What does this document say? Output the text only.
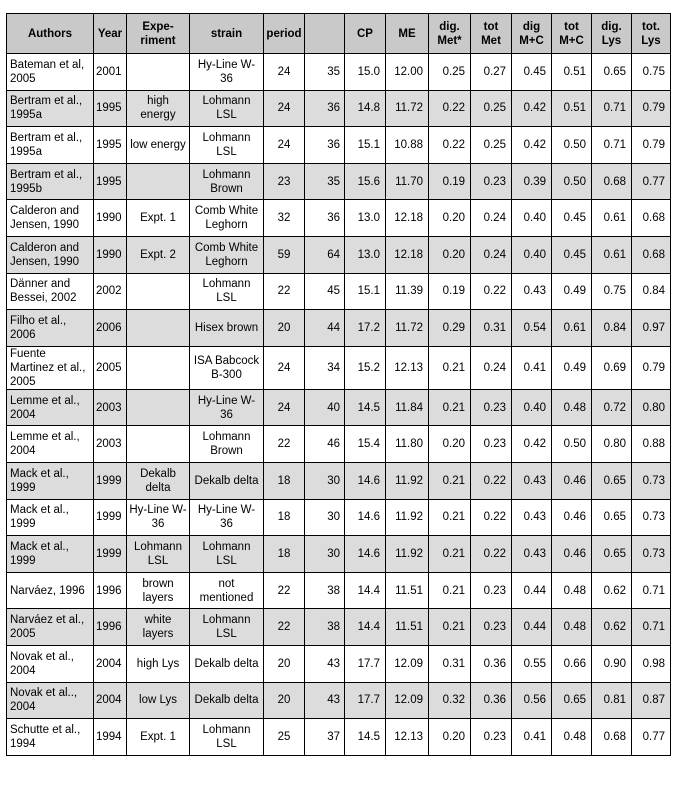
Authors	Year	Expe- riment	strain	period		CP	ME	dig. Met*	tot Met	dig M+C	tot M+C	dig. Lys	tot. Lys
Bateman et al, 2005	2001		Hy-Line W-36	24	35	15.0	12.00	0.25	0.27	0.45	0.51	0.65	0.75
Bertram et al., 1995a	1995	high energy	Lohmann LSL	24	36	14.8	11.72	0.22	0.25	0.42	0.51	0.71	0.79
Bertram et al., 1995a	1995	low energy	Lohmann LSL	24	36	15.1	10.88	0.22	0.25	0.42	0.50	0.71	0.79
Bertram et al., 1995b	1995		Lohmann Brown	23	35	15.6	11.70	0.19	0.23	0.39	0.50	0.68	0.77
Calderon and Jensen, 1990	1990	Expt. 1	Comb White Leghorn	32	36	13.0	12.18	0.20	0.24	0.40	0.45	0.61	0.68
Calderon and Jensen, 1990	1990	Expt. 2	Comb White Leghorn	59	64	13.0	12.18	0.20	0.24	0.40	0.45	0.61	0.68
Dänner and Bessei, 2002	2002		Lohmann LSL	22	45	15.1	11.39	0.19	0.22	0.43	0.49	0.75	0.84
Filho et al., 2006	2006		Hisex brown	20	44	17.2	11.72	0.29	0.31	0.54	0.61	0.84	0.97
Fuente Martinez et al., 2005	2005		ISA Babcock B-300	24	34	15.2	12.13	0.21	0.24	0.41	0.49	0.69	0.79
Lemme et al., 2004	2003		Hy-Line W-36	24	40	14.5	11.84	0.21	0.23	0.40	0.48	0.72	0.80
Lemme et al., 2004	2003		Lohmann Brown	22	46	15.4	11.80	0.20	0.23	0.42	0.50	0.80	0.88
Mack et al., 1999	1999	Dekalb delta	Dekalb delta	18	30	14.6	11.92	0.21	0.22	0.43	0.46	0.65	0.73
Mack et al., 1999	1999	Hy-Line W-36	Hy-Line W-36	18	30	14.6	11.92	0.21	0.22	0.43	0.46	0.65	0.73
Mack et al., 1999	1999	Lohmann LSL	Lohmann LSL	18	30	14.6	11.92	0.21	0.22	0.43	0.46	0.65	0.73
Narváez, 1996	1996	brown layers	not mentioned	22	38	14.4	11.51	0.21	0.23	0.44	0.48	0.62	0.71
Narváez et al., 2005	1996	white layers	Lohmann LSL	22	38	14.4	11.51	0.21	0.23	0.44	0.48	0.62	0.71
Novak et al., 2004	2004	high Lys	Dekalb delta	20	43	17.7	12.09	0.31	0.36	0.55	0.66	0.90	0.98
Novak et al.., 2004	2004	low Lys	Dekalb delta	20	43	17.7	12.09	0.32	0.36	0.56	0.65	0.81	0.87
Schutte et al., 1994	1994	Expt. 1	Lohmann LSL	25	37	14.5	12.13	0.20	0.23	0.41	0.48	0.68	0.77
